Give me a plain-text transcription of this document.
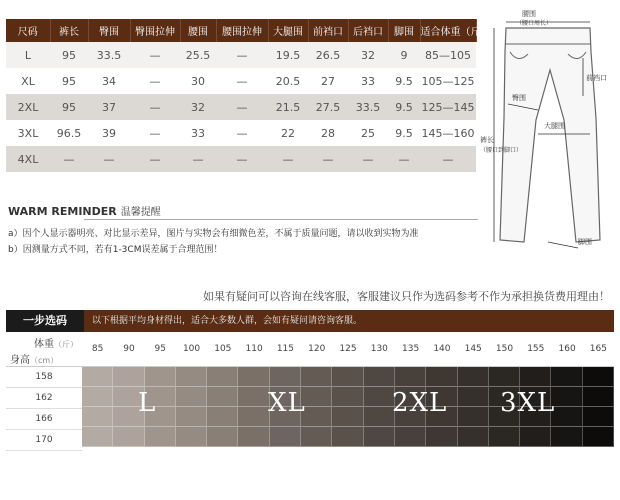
尺码	裤长	臀围	臀围拉伸	腰围	腰围拉伸	大腿围	前裆口	后裆口	脚围	适合体重（斤）
L	95	33.5	—	25.5	—	19.5	26.5	32	9	85—105
XL	95	34	—	30	—	20.5	27	33	9.5	105—125
2XL	95	37	—	32	—	21.5	27.5	33.5	9.5	125—145
3XL	96.5	39	—	33	—	22	28	25	9.5	145—160
4XL	—	—	—	—	—	—	—	—	—	—
腰围
（腰口周长）
前裆口
臀围
大腿围
裤长
（腰口到脚口）
脚围
WARM REMINDER 温馨提醒
a）因个人显示器明亮、对比显示差异，图片与实物会有细微色差，不属于质量问题，请以收到实物为准
b）因测量方式不同，若有1-3CM误差属于合理范围！
如果有疑问可以咨询在线客服，客服建议只作为选码参考不作为承担换货费用理由！
一步选码	以下根据平均身材得出，适合大多数人群，会如有疑问请咨询客服。
体重（斤）
身高（cm）
158
162
166
170
85	90	95	100	105	110	115	120	125	130	135	140	145	150	155	160	165
L	XL	2XL 3XL
